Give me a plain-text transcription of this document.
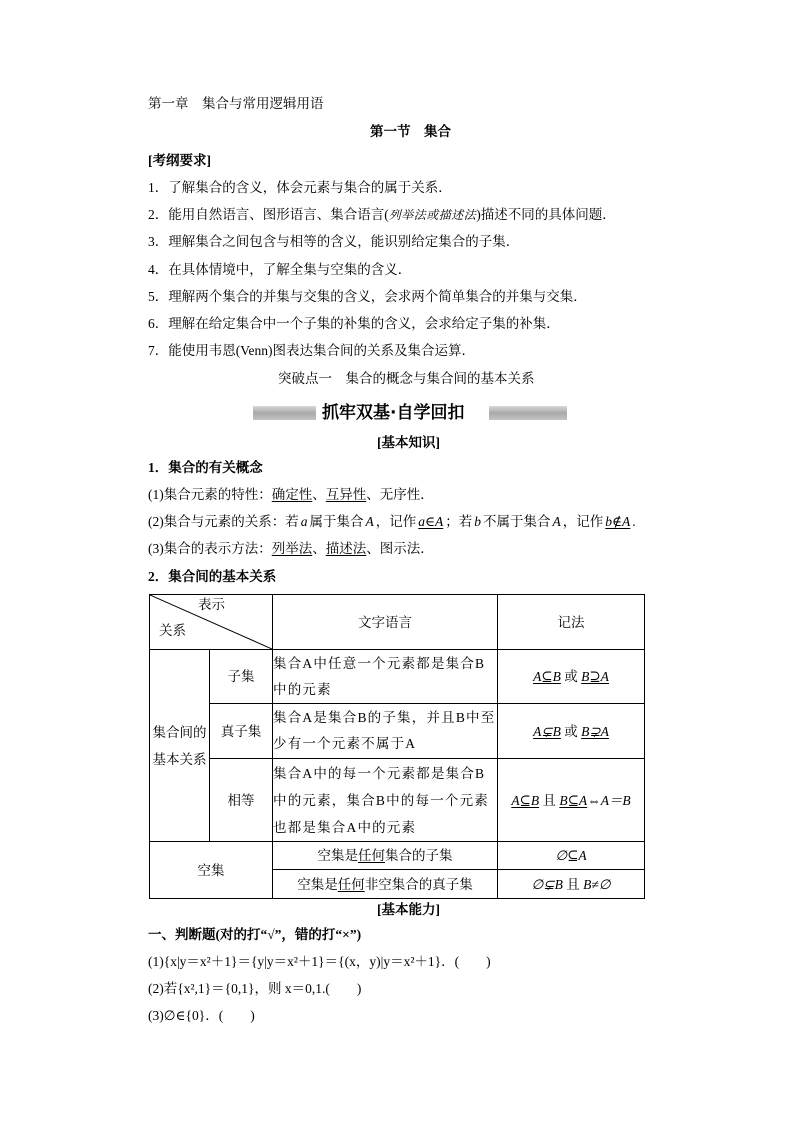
第一章　集合与常用逻辑用语
第一节　集合
[考纲要求]
1．了解集合的含义，体会元素与集合的属于关系．
2．能用自然语言、图形语言、集合语言(列举法或描述法)描述不同的具体问题．
3．理解集合之间包含与相等的含义，能识别给定集合的子集．
4．在具体情境中，了解全集与空集的含义．
5．理解两个集合的并集与交集的含义，会求两个简单集合的并集与交集．
6．理解在给定集合中一个子集的补集的含义，会求给定子集的补集．
7．能使用韦恩(Venn)图表达集合间的关系及集合运算．
突破点一　集合的概念与集合间的基本关系
抓牢双基·自学回扣
[基本知识]
1．集合的有关概念
(1)集合元素的特性：确定性、互异性、无序性．
(2)集合与元素的关系：若 a 属于集合 A ，记作 a∈A ；若 b 不属于集合 A ，记作 b∉A .
(3)集合的表示方法：列举法、描述法、图示法．
2．集合间的基本关系
表示
关系		文字语言	记法
集合间的基本关系	子集	集合A中任意一个元素都是集合B中的元素	A⊆B 或 B⊇A
	真子集	集合A是集合B的子集，并且B中至少有一个元素不属于A	A⊊B 或 B⊋A
	相等	集合A中的每一个元素都是集合B中的元素，集合B中的每一个元素也都是集合A中的元素	A⊆B 且 B⊆A⇔A＝B
空集		空集是任何集合的子集	∅⊆A
		空集是任何非空集合的真子集	∅⊊B 且 B≠∅
[基本能力]
一、判断题(对的打“√”，错的打“×”)
(1){x|y＝x²＋1}＝{y|y＝x²＋1}＝{(x，y)|y＝x²＋1}．(　　)
(2)若{x²,1}＝{0,1}，则 x＝0,1.(　　)
(3)∅∈{0}．(　　)
